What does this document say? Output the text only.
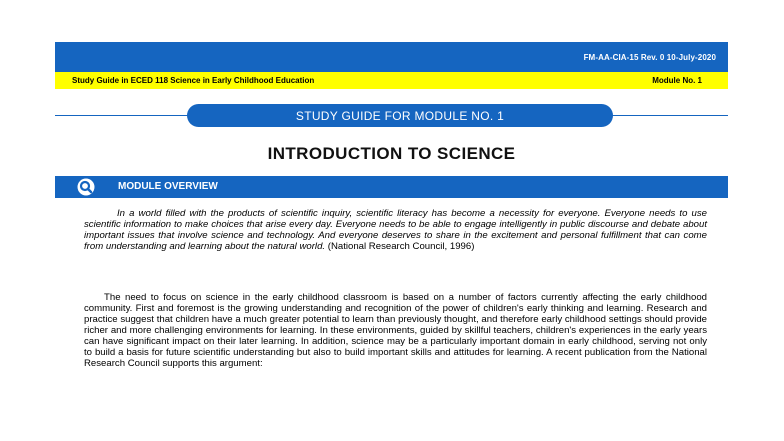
FM-AA-CIA-15 Rev. 0 10-July-2020
Study Guide in ECED 118 Science in Early Childhood Education	Module No. 1
STUDY GUIDE FOR MODULE NO. 1
INTRODUCTION TO SCIENCE
MODULE OVERVIEW

In a world filled with the products of scientific inquiry, scientific literacy has become a necessity for everyone. Everyone needs to use scientific information to make choices that arise every day. Everyone needs to be able to engage intelligently in public discourse and debate about important issues that involve science and technology. And everyone deserves to share in the excitement and personal fulfillment that can come from understanding and learning about the natural world. (National Research Council, 1996)

The need to focus on science in the early childhood classroom is based on a number of factors currently affecting the early childhood community. First and foremost is the growing understanding and recognition of the power of children's early thinking and learning. Research and practice suggest that children have a much greater potential to learn than previously thought, and therefore early childhood settings should provide richer and more challenging environments for learning. In these environments, guided by skillful teachers, children's experiences in the early years can have significant impact on their later learning. In addition, science may be a particularly important domain in early childhood, serving not only to build a basis for future scientific understanding but also to build important skills and attitudes for learning. A recent publication from the National Research Council supports this argument:
